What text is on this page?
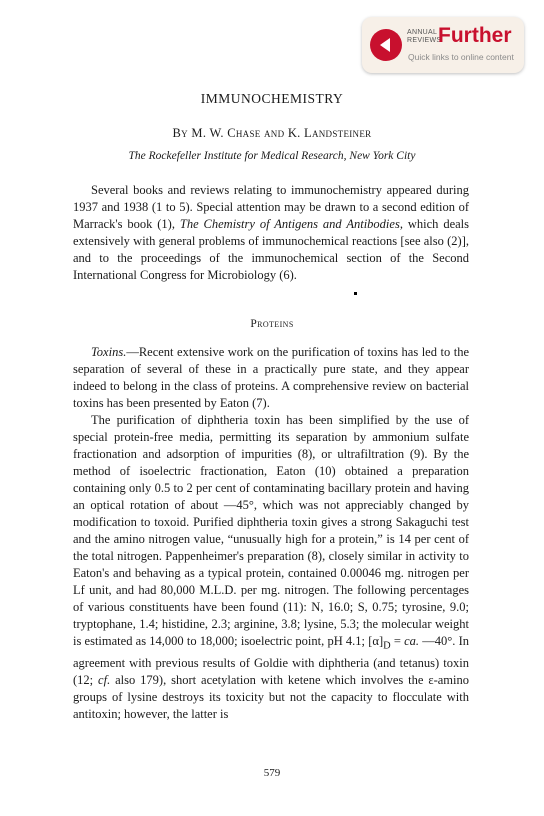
ANNUAL
REVIEWS
Further
Quick links to online content
IMMUNOCHEMISTRY
By M. W. Chase and K. Landsteiner
The Rockefeller Institute for Medical Research, New York City
Several books and reviews relating to immunochemistry appeared during 1937 and 1938 (1 to 5). Special attention may be drawn to a second edition of Marrack's book (1), The Chemistry of Antigens and Antibodies, which deals extensively with general problems of immunochemical reactions [see also (2)], and to the proceedings of the immunochemical section of the Second International Congress for Microbiology (6).
Proteins
Toxins.—Recent extensive work on the purification of toxins has led to the separation of several of these in a practically pure state, and they appear indeed to belong in the class of proteins. A comprehensive review on bacterial toxins has been presented by Eaton (7).
The purification of diphtheria toxin has been simplified by the use of special protein-free media, permitting its separation by ammonium sulfate fractionation and adsorption of impurities (8), or ultrafiltration (9). By the method of isoelectric fractionation, Eaton (10) obtained a preparation containing only 0.5 to 2 per cent of contaminating bacillary protein and having an optical rotation of about —45°, which was not appreciably changed by modification to toxoid. Purified diphtheria toxin gives a strong Sakaguchi test and the amino nitrogen value, “unusually high for a protein,” is 14 per cent of the total nitrogen. Pappenheimer's preparation (8), closely similar in activity to Eaton's and behaving as a typical protein, contained 0.00046 mg. nitrogen per Lf unit, and had 80,000 M.L.D. per mg. nitrogen. The following percentages of various constituents have been found (11): N, 16.0; S, 0.75; tyrosine, 9.0; tryptophane, 1.4; histidine, 2.3; arginine, 3.8; lysine, 5.3; the molecular weight is estimated as 14,000 to 18,000; isoelectric point, pH 4.1; $[\alpha]_D$ = ca. —40°. In agreement with previous results of Goldie with diphtheria (and tetanus) toxin (12; cf. also 179), short acetylation with ketene which involves the ε-amino groups of lysine destroys its toxicity but not the capacity to flocculate with antitoxin; however, the latter is
579
